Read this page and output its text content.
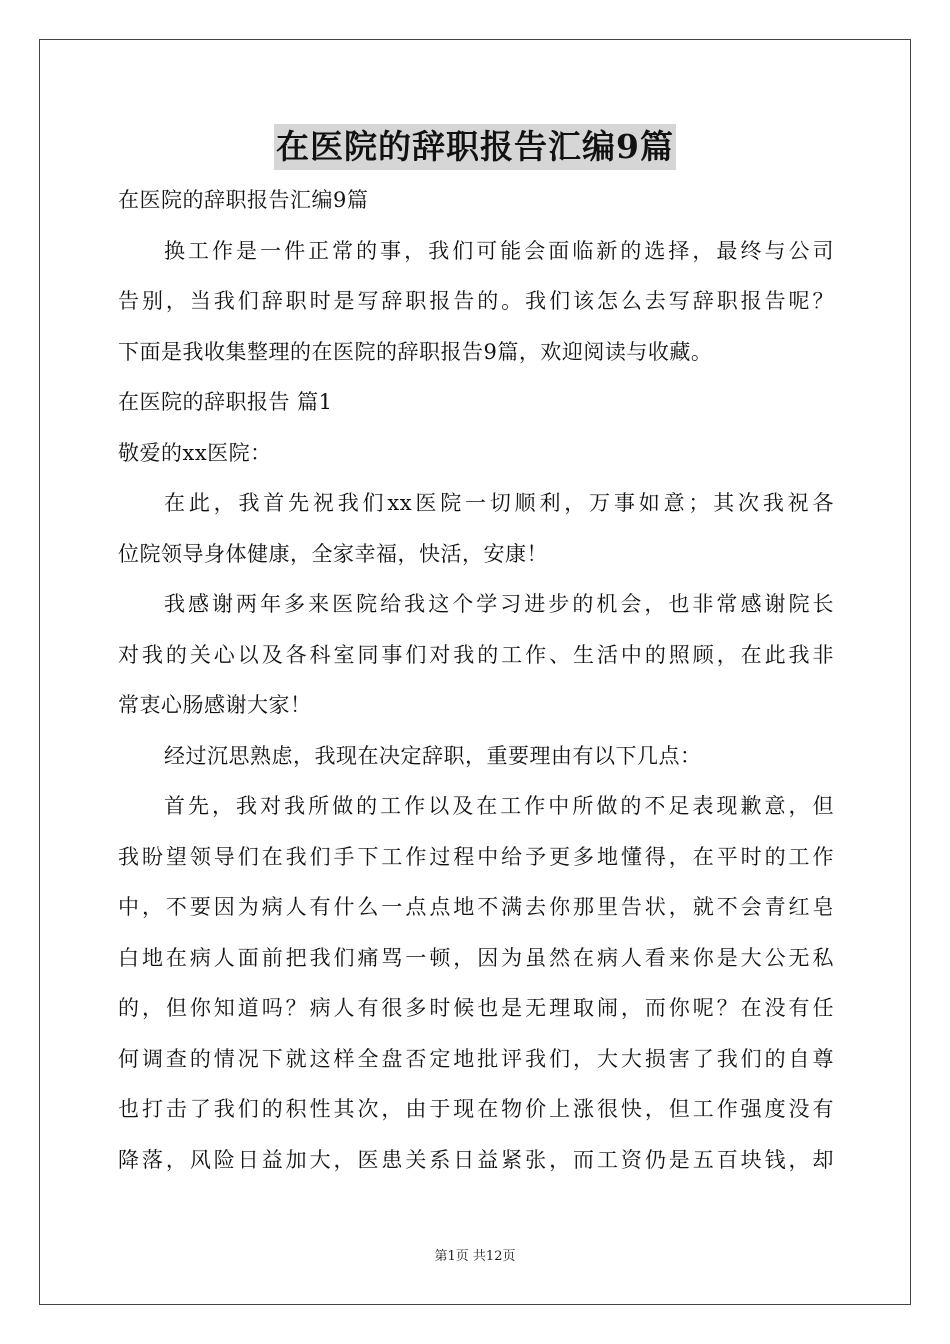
在医院的辞职报告汇编9篇
在医院的辞职报告汇编9篇
换工作是一件正常的事，我们可能会面临新的选择，最终与公司
告别，当我们辞职时是写辞职报告的。我们该怎么去写辞职报告呢？
下面是我收集整理的在医院的辞职报告9篇，欢迎阅读与收藏。
在医院的辞职报告 篇1
敬爱的xx医院：
在此，我首先祝我们xx医院一切顺利，万事如意；其次我祝各
位院领导身体健康，全家幸福，快活，安康！
我感谢两年多来医院给我这个学习进步的机会，也非常感谢院长
对我的关心以及各科室同事们对我的工作、生活中的照顾，在此我非
常衷心肠感谢大家！
经过沉思熟虑，我现在决定辞职，重要理由有以下几点：
首先，我对我所做的工作以及在工作中所做的不足表现歉意，但
我盼望领导们在我们手下工作过程中给予更多地懂得，在平时的工作
中，不要因为病人有什么一点点地不满去你那里告状，就不会青红皂
白地在病人面前把我们痛骂一顿，因为虽然在病人看来你是大公无私
的，但你知道吗？病人有很多时候也是无理取闹，而你呢？在没有任
何调查的情况下就这样全盘否定地批评我们，大大损害了我们的自尊
也打击了我们的积性其次，由于现在物价上涨很快，但工作强度没有
降落，风险日益加大，医患关系日益紧张，而工资仍是五百块钱，却
第1页 共12页
